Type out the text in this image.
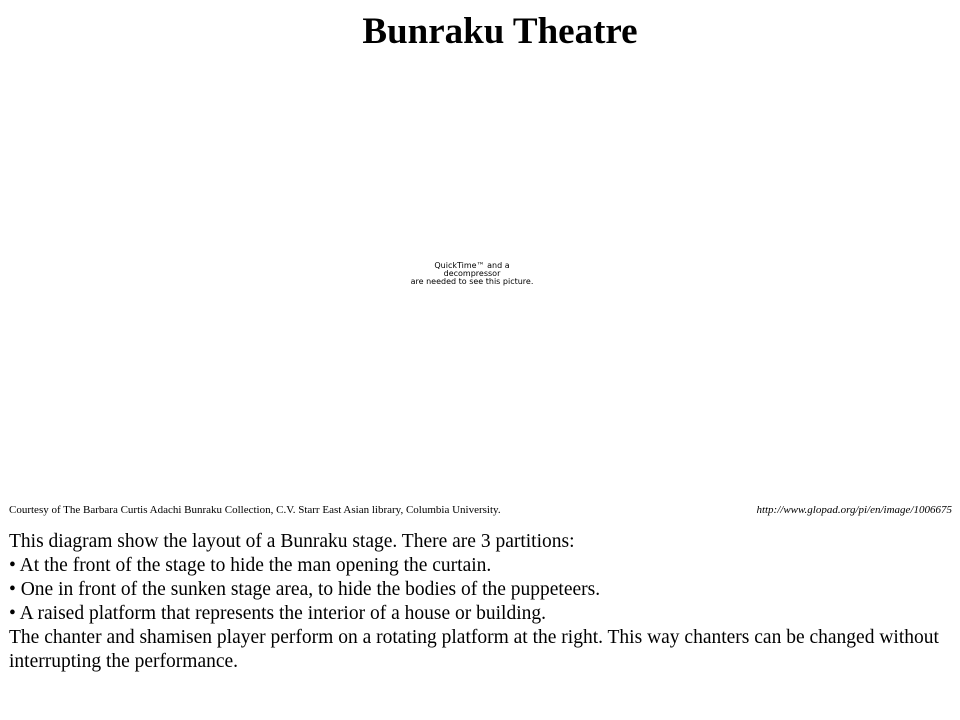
Bunraku Theatre
QuickTime™ and a
decompressor
are needed to see this picture.
Courtesy of The Barbara Curtis Adachi Bunraku Collection, C.V. Starr East Asian library, Columbia University.	http://www.glopad.org/pi/en/image/1006675

This diagram show the layout of a Bunraku stage. There are 3 partitions:

• At the front of the stage to hide the man opening the curtain.

• One in front of the sunken stage area, to hide the bodies of the puppeteers.

• A raised platform that represents the interior of a house or building.

The chanter and shamisen player perform on a rotating platform at the right. This way chanters can be changed without interrupting the performance.
